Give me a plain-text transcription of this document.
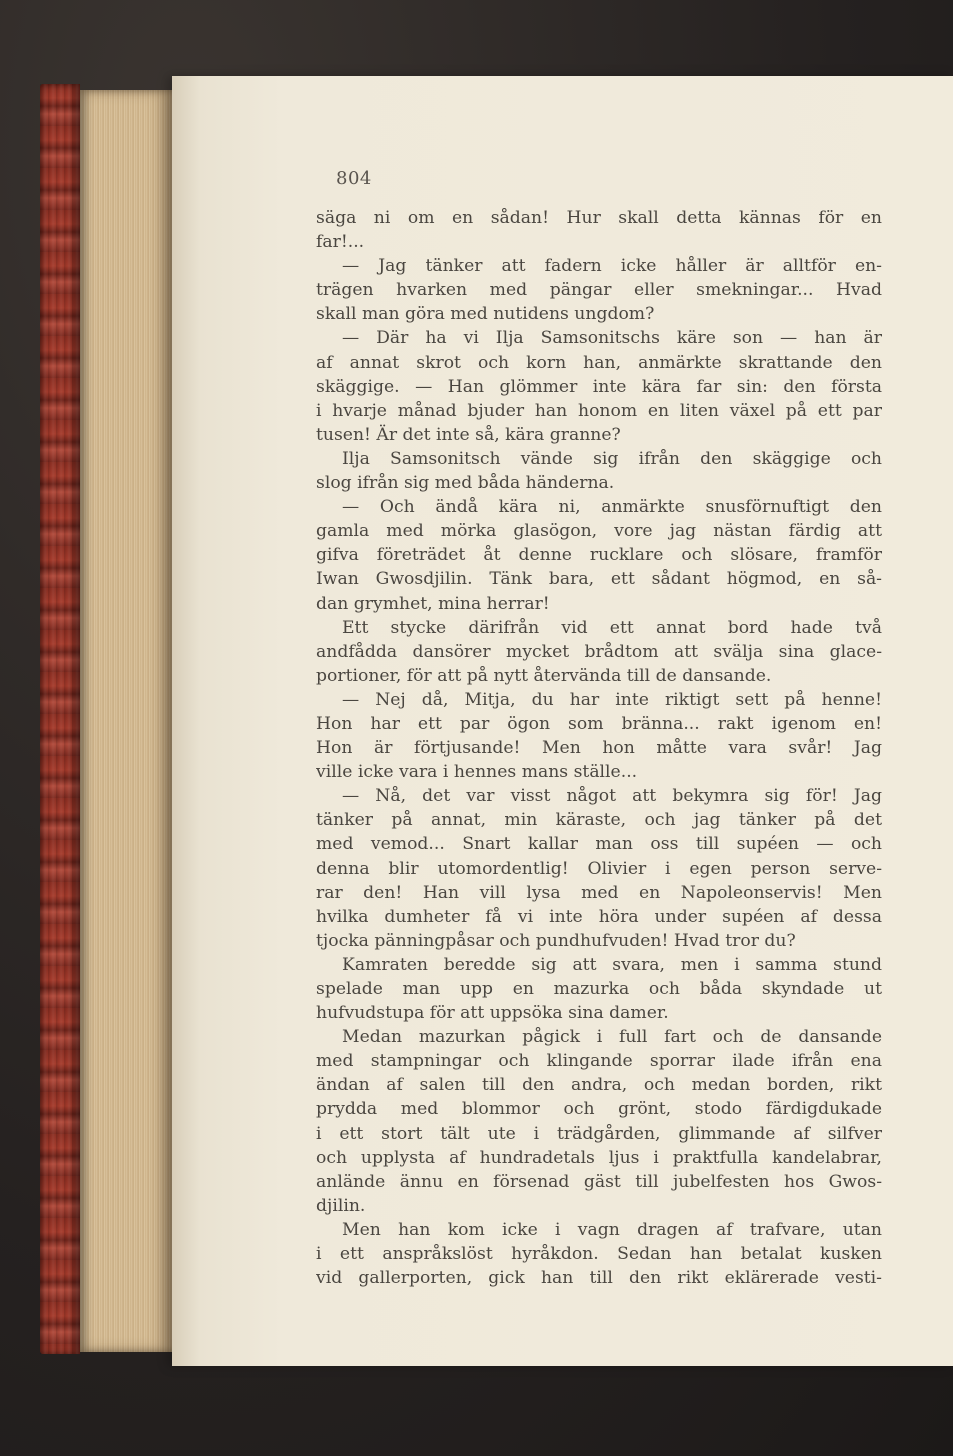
804
säga ni om en sådan! Hur skall detta kännas för en
far!...
— Jag tänker att fadern icke håller är alltför en-
trägen hvarken med pängar eller smekningar... Hvad
skall man göra med nutidens ungdom?
— Där ha vi Ilja Samsonitschs käre son — han är
af annat skrot och korn han, anmärkte skrattande den
skäggige. — Han glömmer inte kära far sin: den första
i hvarje månad bjuder han honom en liten växel på ett par
tusen! Är det inte så, kära granne?
Ilja Samsonitsch vände sig ifrån den skäggige och
slog ifrån sig med båda händerna.
— Och ändå kära ni, anmärkte snusförnuftigt den
gamla med mörka glasögon, vore jag nästan färdig att
gifva företrädet åt denne rucklare och slösare, framför
Iwan Gwosdjilin. Tänk bara, ett sådant högmod, en så-
dan grymhet, mina herrar!
Ett stycke därifrån vid ett annat bord hade två
andfådda dansörer mycket brådtom att svälja sina glace-
portioner, för att på nytt återvända till de dansande.
— Nej då, Mitja, du har inte riktigt sett på henne!
Hon har ett par ögon som bränna... rakt igenom en!
Hon är förtjusande! Men hon måtte vara svår! Jag
ville icke vara i hennes mans ställe...
— Nå, det var visst något att bekymra sig för! Jag
tänker på annat, min käraste, och jag tänker på det
med vemod... Snart kallar man oss till supéen — och
denna blir utomordentlig! Olivier i egen person serve-
rar den! Han vill lysa med en Napoleonservis! Men
hvilka dumheter få vi inte höra under supéen af dessa
tjocka pänningpåsar och pundhufvuden! Hvad tror du?
Kamraten beredde sig att svara, men i samma stund
spelade man upp en mazurka och båda skyndade ut
hufvudstupa för att uppsöka sina damer.
Medan mazurkan pågick i full fart och de dansande
med stampningar och klingande sporrar ilade ifrån ena
ändan af salen till den andra, och medan borden, rikt
prydda med blommor och grönt, stodo färdigdukade
i ett stort tält ute i trädgården, glimmande af silfver
och upplysta af hundradetals ljus i praktfulla kandelabrar,
anlände ännu en försenad gäst till jubelfesten hos Gwos-
djilin.
Men han kom icke i vagn dragen af trafvare, utan
i ett anspråkslöst hyråkdon. Sedan han betalat kusken
vid gallerporten, gick han till den rikt eklärerade vesti-
